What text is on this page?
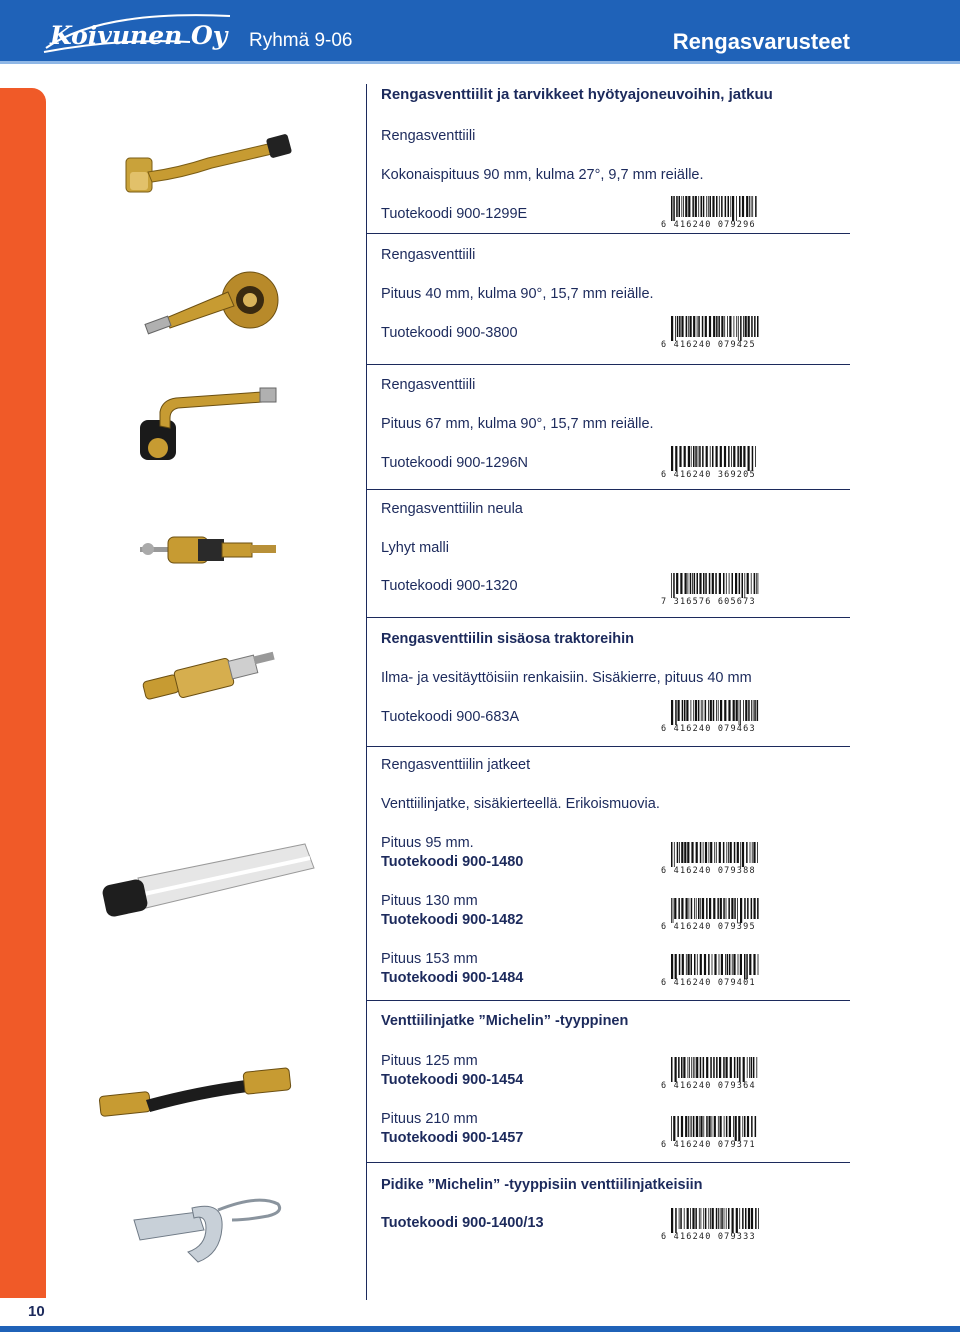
Koivunen Oy Ryhmä 9-06	Rengasvarusteet
Rengasventtiilit ja tarvikkeet hyötyajoneuvoihin, jatkuu
Rengasventtiili
Kokonaispituus 90 mm, kulma 27°, 9,7 mm reiälle.
Tuotekoodi 900-1299E
6 416240 079296
Rengasventtiili
Pituus 40 mm, kulma 90°, 15,7 mm reiälle.
Tuotekoodi 900-3800
6 416240 079425
Rengasventtiili
Pituus 67 mm, kulma 90°, 15,7 mm reiälle.
Tuotekoodi 900-1296N
6 416240 369205
Rengasventtiilin neula
Lyhyt malli
Tuotekoodi 900-1320
7 316576 605673
Rengasventtiilin sisäosa traktoreihin
Ilma- ja vesitäyttöisiin renkaisiin. Sisäkierre, pituus 40 mm
Tuotekoodi 900-683A
6 416240 079463
Rengasventtiilin jatkeet
Venttiilinjatke, sisäkierteellä. Erikoismuovia.
Pituus 95 mm.
Tuotekoodi 900-1480
6 416240 079388
Pituus 130 mm
Tuotekoodi 900-1482	6 416240 079395
Pituus 153 mm
Tuotekoodi 900-1484	6 416240 079401
Venttiilinjatke ”Michelin” -tyyppinen
Pituus 125 mm
Tuotekoodi 900-1454	6 416240 079364
Pituus 210 mm
Tuotekoodi 900-1457	6 416240 079371
Pidike ”Michelin” -tyyppisiin venttiilinjatkeisiin
Tuotekoodi 900-1400/13
6 416240 079333
10
